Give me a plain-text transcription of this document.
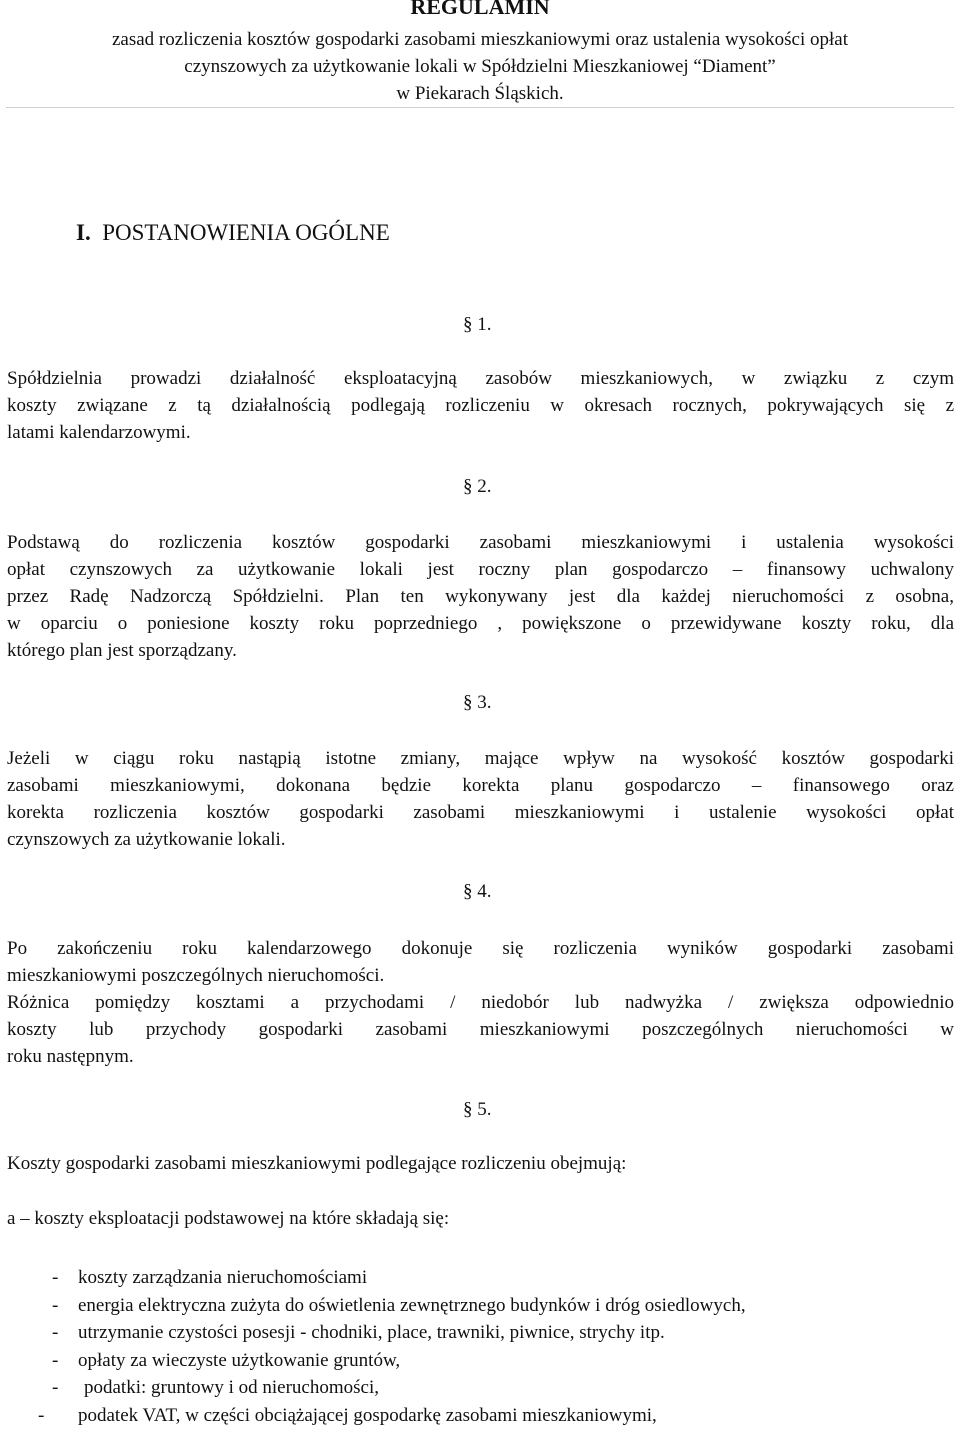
REGULAMIN
zasad rozliczenia kosztów gospodarki zasobami mieszkaniowymi oraz ustalenia wysokości opłat
czynszowych za użytkowanie lokali w Spółdzielni Mieszkaniowej “Diament”
w Piekarach Śląskich.
I. POSTANOWIENIA OGÓLNE
§ 1.
Spółdzielnia prowadzi działalność eksploatacyjną zasobów mieszkaniowych, w związku z czym
koszty związane z tą działalnością podlegają rozliczeniu w okresach rocznych, pokrywających się z
latami kalendarzowymi.
§ 2.
Podstawą do rozliczenia kosztów gospodarki zasobami mieszkaniowymi i ustalenia wysokości
opłat czynszowych za użytkowanie lokali jest roczny plan gospodarczo – finansowy uchwalony
przez Radę Nadzorczą Spółdzielni. Plan ten wykonywany jest dla każdej nieruchomości z osobna,
w oparciu o poniesione koszty roku poprzedniego , powiększone o przewidywane koszty roku, dla
którego plan jest sporządzany.
§ 3.
Jeżeli w ciągu roku nastąpią istotne zmiany, mające wpływ na wysokość kosztów gospodarki
zasobami mieszkaniowymi, dokonana będzie korekta planu gospodarczo – finansowego oraz
korekta rozliczenia kosztów gospodarki zasobami mieszkaniowymi i ustalenie wysokości opłat
czynszowych za użytkowanie lokali.
§ 4.
Po zakończeniu roku kalendarzowego dokonuje się rozliczenia wyników gospodarki zasobami
mieszkaniowymi poszczególnych nieruchomości.
Różnica pomiędzy kosztami a przychodami / niedobór lub nadwyżka / zwiększa odpowiednio
koszty lub przychody gospodarki zasobami mieszkaniowymi poszczególnych nieruchomości w
roku następnym.
§ 5.
Koszty gospodarki zasobami mieszkaniowymi podlegające rozliczeniu obejmują:
a – koszty eksploatacji podstawowej na które składają się:
- koszty zarządzania nieruchomościami
- energia elektryczna zużyta do oświetlenia zewnętrznego budynków i dróg osiedlowych,
- utrzymanie czystości posesji - chodniki, place, trawniki, piwnice, strychy itp.
- opłaty za wieczyste użytkowanie gruntów,
- podatki: gruntowy i od nieruchomości,
- podatek VAT, w części obciążającej gospodarkę zasobami mieszkaniowymi,
